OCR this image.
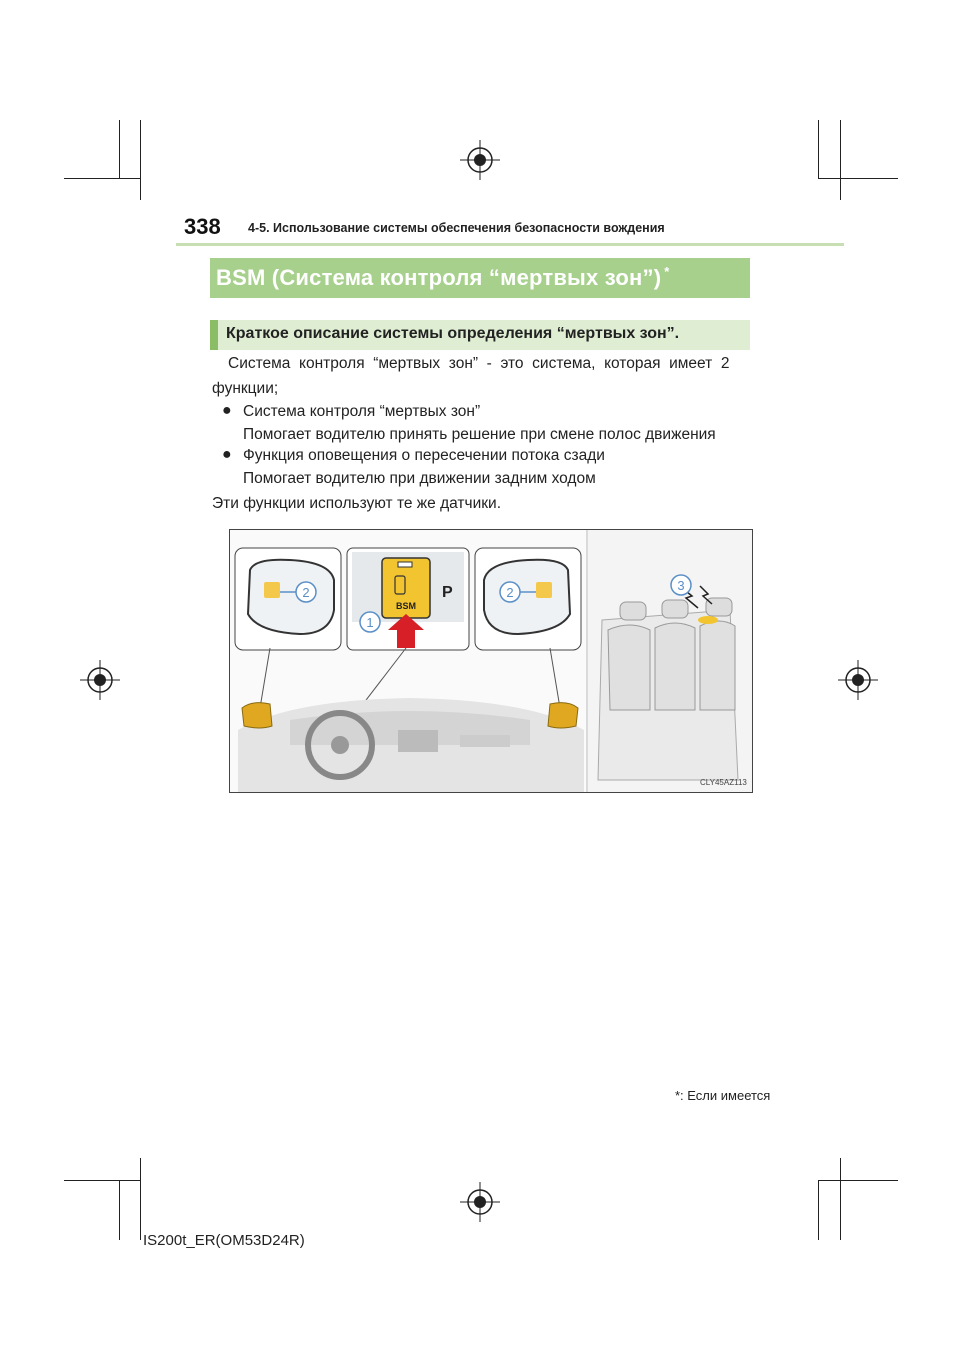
338 4-5. Использование системы обеспечения безопасности вождения
BSM (Система контроля “мертвых зон”) *
Краткое описание системы определения “мертвых зон”.
Система  контроля  “мертвых  зон”  -  это  система,  которая  имеет  2
функции;
● Система контроля “мертвых зон”
Помогает водителю принять решение при смене полос движения
● Функция оповещения о пересечении потока сзади
Помогает водителю при движении задним ходом
Эти функции используют те же датчики.
2
BSM
P
1
2	3
CLY45AZ113
*: Если имеется
IS200t_ER(OM53D24R)
